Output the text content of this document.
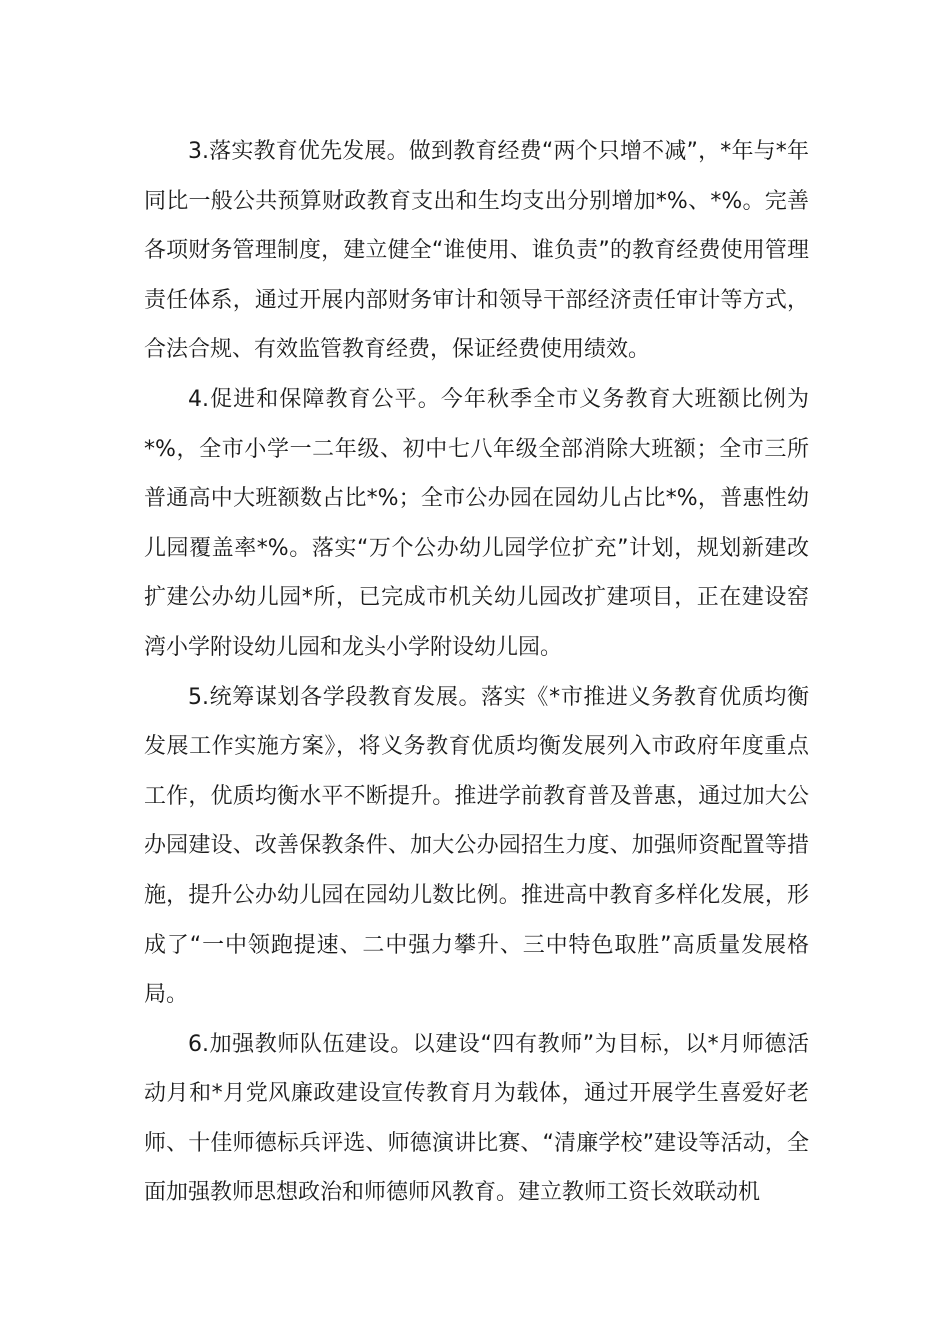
3.落实教育优先发展。做到教育经费“两个只增不减”，*年与*年同比一般公共预算财政教育支出和生均支出分别增加*%、*%。完善各项财务管理制度，建立健全“谁使用、谁负责”的教育经费使用管理责任体系，通过开展内部财务审计和领导干部经济责任审计等方式，合法合规、有效监管教育经费，保证经费使用绩效。

4.促进和保障教育公平。今年秋季全市义务教育大班额比例为*%，全市小学一二年级、初中七八年级全部消除大班额；全市三所普通高中大班额数占比*%；全市公办园在园幼儿占比*%，普惠性幼儿园覆盖率*%。落实“万个公办幼儿园学位扩充”计划，规划新建改扩建公办幼儿园*所，已完成市机关幼儿园改扩建项目，正在建设窑湾小学附设幼儿园和龙头小学附设幼儿园。

5.统筹谋划各学段教育发展。落实《*市推进义务教育优质均衡发展工作实施方案》，将义务教育优质均衡发展列入市政府年度重点工作，优质均衡水平不断提升。推进学前教育普及普惠，通过加大公办园建设、改善保教条件、加大公办园招生力度、加强师资配置等措施，提升公办幼儿园在园幼儿数比例。推进高中教育多样化发展，形成了“一中领跑提速、二中强力攀升、三中特色取胜”高质量发展格局。

6.加强教师队伍建设。以建设“四有教师”为目标，以*月师德活动月和*月党风廉政建设宣传教育月为载体，通过开展学生喜爱好老师、十佳师德标兵评选、师德演讲比赛、“清廉学校”建设等活动，全面加强教师思想政治和师德师风教育。建立教师工资长效联动机
